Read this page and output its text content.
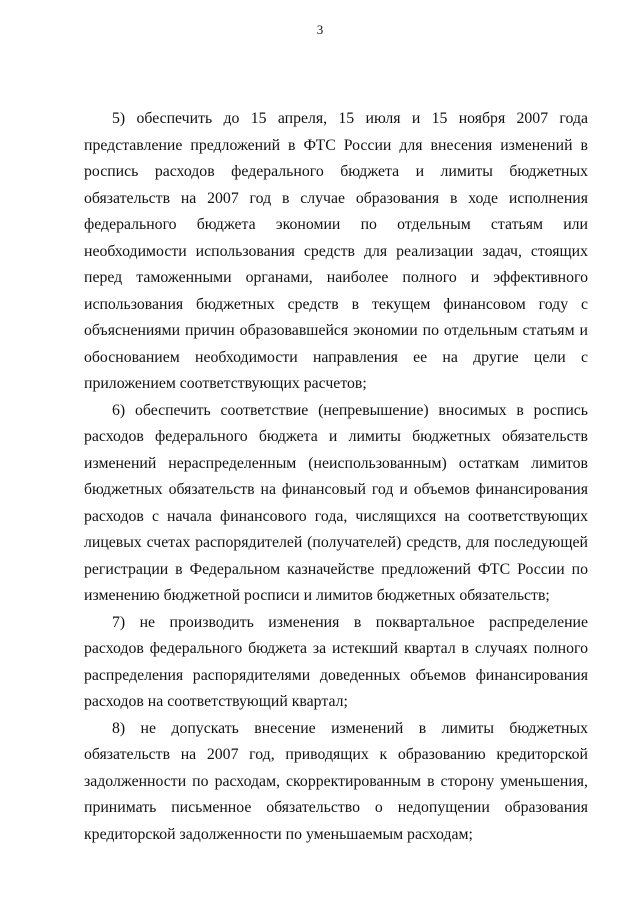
3

5) обеспечить до 15 апреля, 15 июля и 15 ноября 2007 года представление предложений в ФТС России для внесения изменений в роспись расходов федерального бюджета и лимиты бюджетных обязательств на 2007 год в случае образования в ходе исполнения федерального бюджета экономии по отдельным статьям или необходимости использования средств для реализации задач, стоящих перед таможенными органами, наиболее полного и эффективного использования бюджетных средств в текущем финансовом году с объяснениями причин образовавшейся экономии по отдельным статьям и обоснованием необходимости направления ее на другие цели с приложением соответствующих расчетов;

6) обеспечить соответствие (непревышение) вносимых в роспись расходов федерального бюджета и лимиты бюджетных обязательств изменений нераспределенным (неиспользованным) остаткам лимитов бюджетных обязательств на финансовый год и объемов финансирования расходов с начала финансового года, числящихся на соответствующих лицевых счетах распорядителей (получателей) средств, для последующей регистрации в Федеральном казначействе предложений ФТС России по изменению бюджетной росписи и лимитов бюджетных обязательств;

7) не производить изменения в поквартальное распределение расходов федерального бюджета за истекший квартал в случаях полного распределения распорядителями доведенных объемов финансирования расходов на соответствующий квартал;

8) не допускать внесение изменений в лимиты бюджетных обязательств на 2007 год, приводящих к образованию кредиторской задолженности по расходам, скорректированным в сторону уменьшения, принимать письменное обязательство о недопущении образования кредиторской задолженности по уменьшаемым расходам;
